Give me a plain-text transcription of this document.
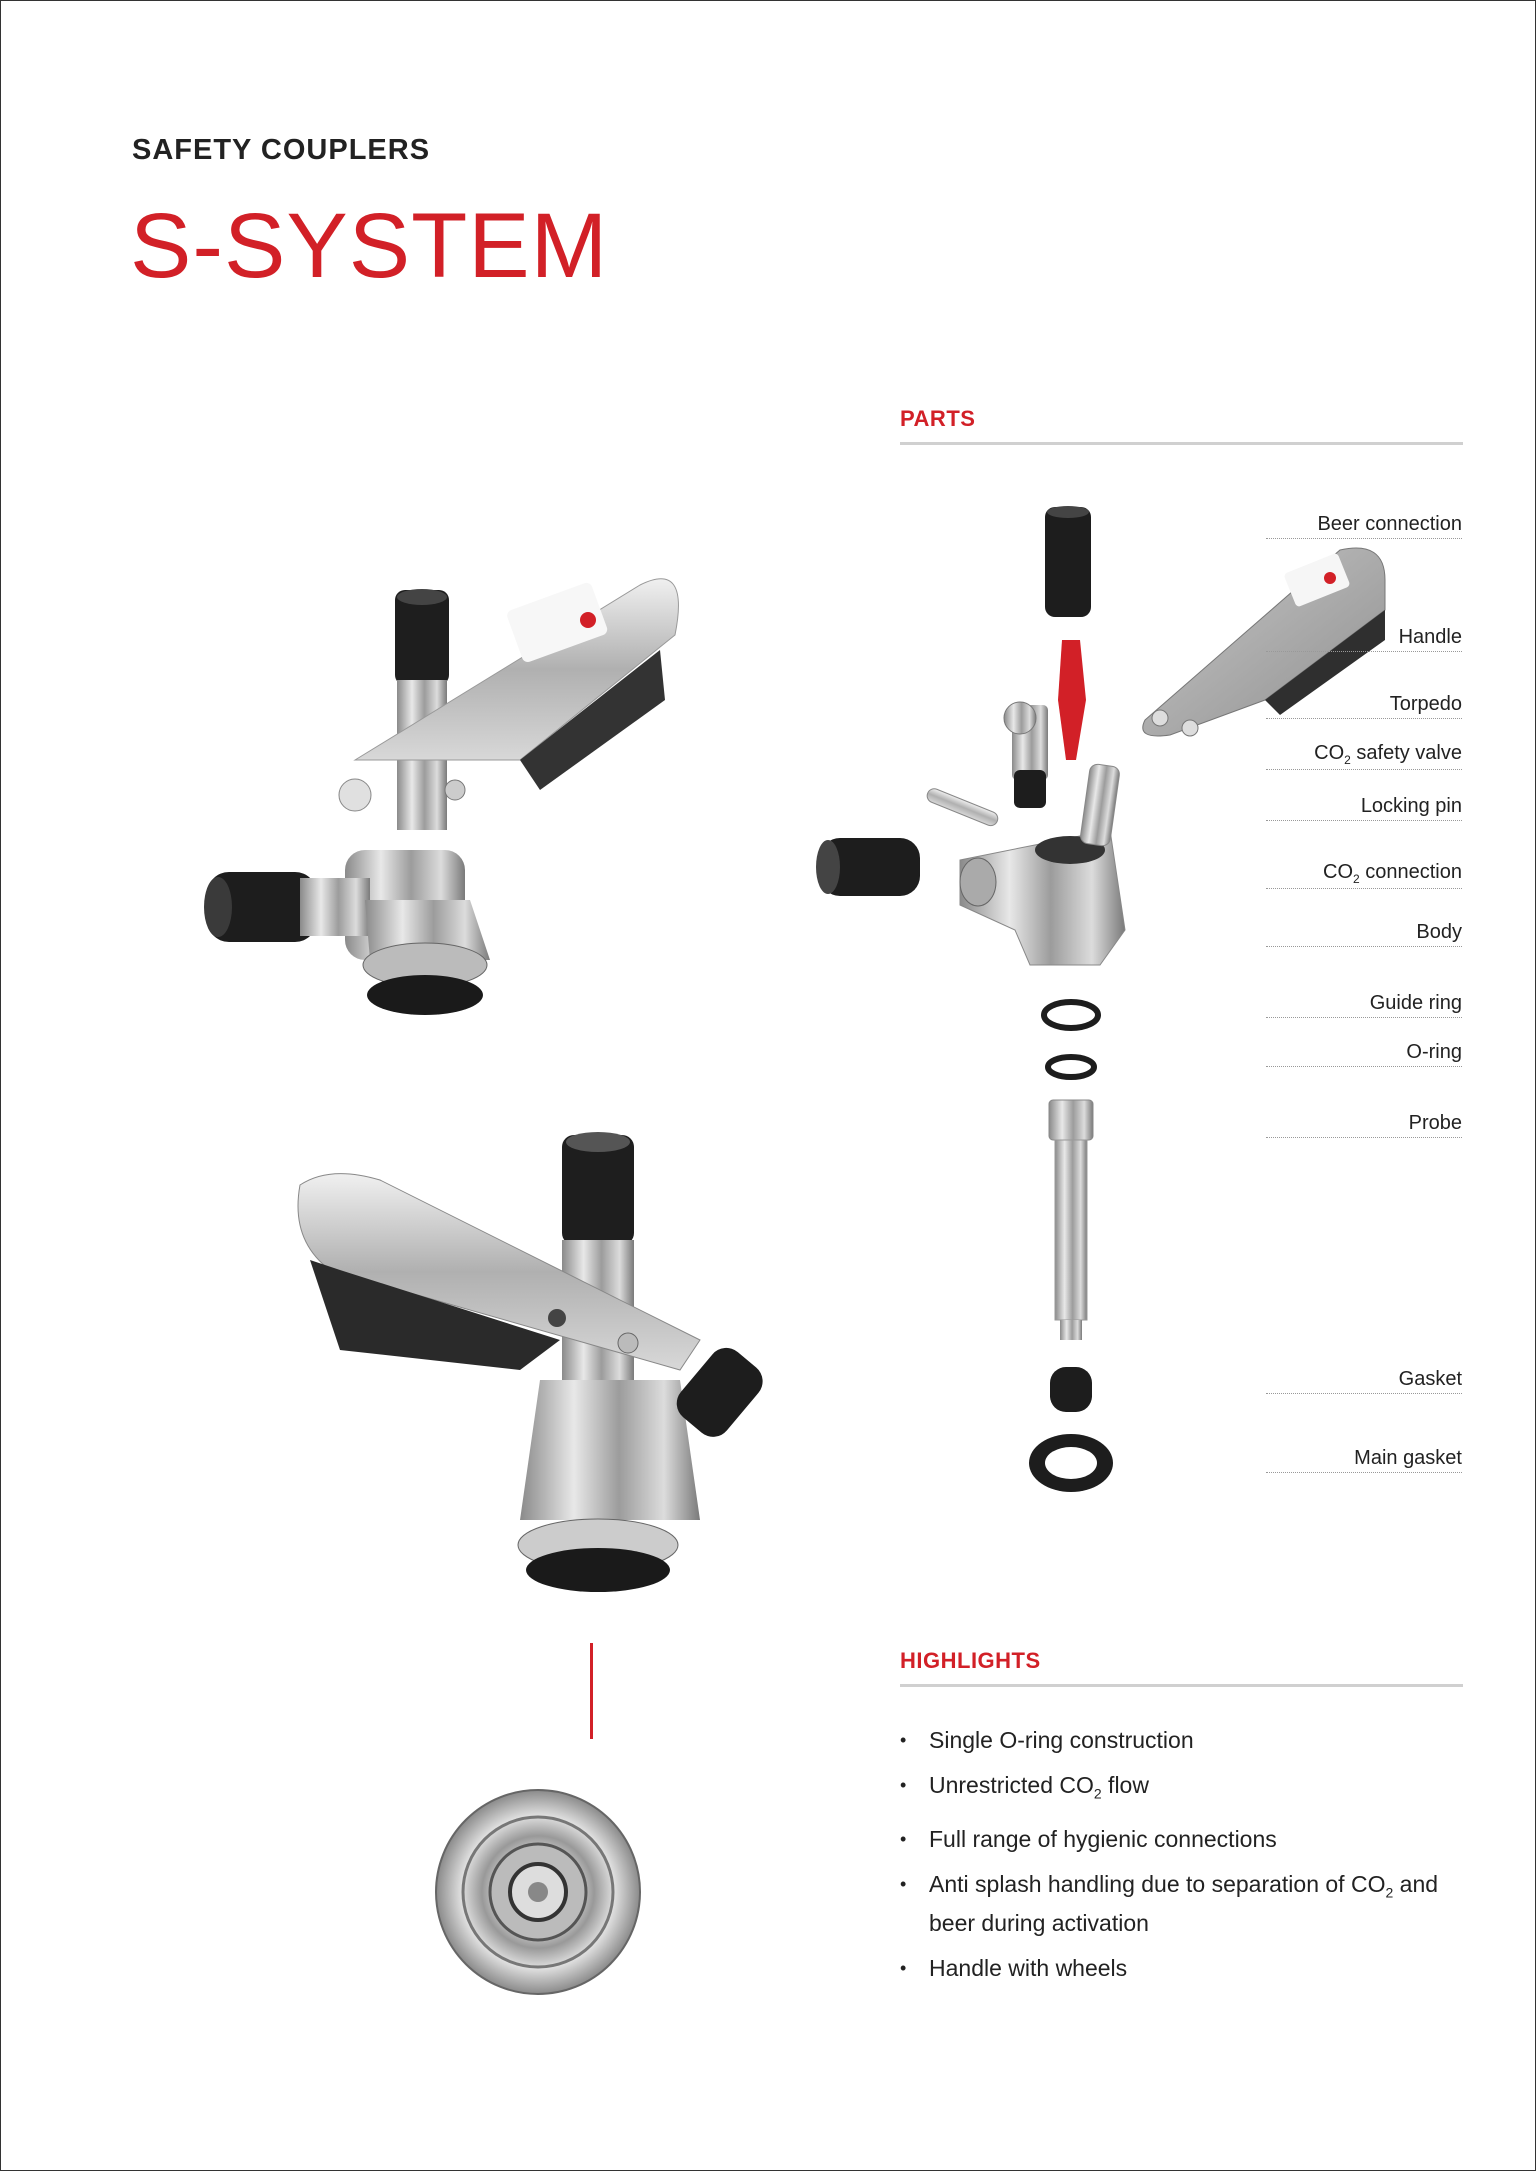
SAFETY COUPLERS
S-SYSTEM
PARTS
Beer connection
Handle
Torpedo
$CO_2$ safety valve
Locking pin
$CO_2$ connection
Body
Guide ring
O-ring
Probe
Gasket
Main gasket
HIGHLIGHTS
• Single O-ring construction
• Unrestricted $CO_2$ flow
• Full range of hygienic connections
• Anti splash handling due to separation of $CO_2$ and beer during activation
• Handle with wheels
